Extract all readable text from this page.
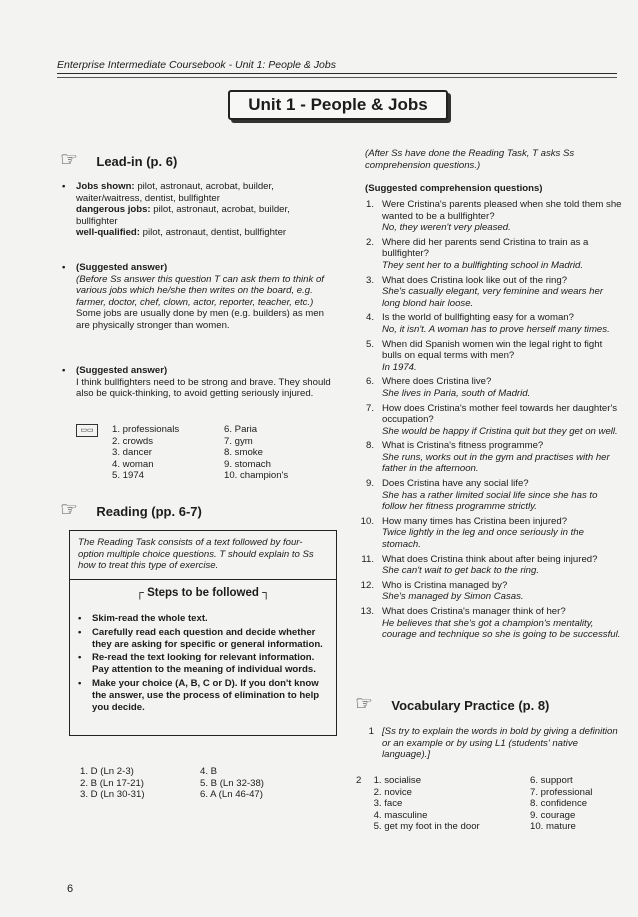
Enterprise Intermediate Coursebook - Unit 1: People & Jobs
Unit 1 - People & Jobs
☞ Lead-in (p. 6)
• Jobs shown: pilot, astronaut, acrobat, builder, waiter/waitress, dentist, bullfighter
dangerous jobs: pilot, astronaut, acrobat, builder, bullfighter
well-qualified: pilot, astronaut, dentist, bullfighter
• (Suggested answer)
(Before Ss answer this question T can ask them to think of various jobs which he/she then writes on the board, e.g. farmer, doctor, chef, clown, actor, reporter, teacher, etc.)
Some jobs are usually done by men (e.g. builders) as men are physically stronger than women.
• (Suggested answer)
I think bullfighters need to be strong and brave. They should also be quick-thinking, to avoid getting seriously injured.
▭▭	1. professionals
2. crowds
3. dancer
4. woman
5. 1974
6. Paria
7. gym
8. smoke
9. stomach
10. champion's
☞ Reading (pp. 6-7)
The Reading Task consists of a text followed by four-option multiple choice questions. T should explain to Ss how to treat this type of exercise.
┌ Steps to be followed ┐
• Skim-read the whole text.
• Carefully read each question and decide whether they are asking for specific or general information.
• Re-read the text looking for relevant information. Pay attention to the meaning of individual words.
• Make your choice (A, B, C or D). If you don't know the answer, use the process of elimination to help you decide.
1. D (Ln 2-3)
2. B (Ln 17-21)
3. D (Ln 30-31)
4. B
5. B (Ln 32-38)
6. A (Ln 46-47)
6
(After Ss have done the Reading Task, T asks Ss comprehension questions.)
(Suggested comprehension questions)
1. Were Cristina's parents pleased when she told them she wanted to be a bullfighter?
No, they weren't very pleased.
2. Where did her parents send Cristina to train as a bullfighter?
They sent her to a bullfighting school in Madrid.
3. What does Cristina look like out of the ring?
She's casually elegant, very feminine and wears her long blond hair loose.
4. Is the world of bullfighting easy for a woman?
No, it isn't. A woman has to prove herself many times.
5. When did Spanish women win the legal right to fight bulls on equal terms with men?
In 1974.
6. Where does Cristina live?
She lives in Paria, south of Madrid.
7. How does Cristina's mother feel towards her daughter's occupation?
She would be happy if Cristina quit but they get on well.
8. What is Cristina's fitness programme?
She runs, works out in the gym and practises with her father in the afternoon.
9. Does Cristina have any social life?
She has a rather limited social life since she has to follow her fitness programme strictly.
10. How many times has Cristina been injured?
Twice lightly in the leg and once seriously in the stomach.
11. What does Cristina think about after being injured?
She can't wait to get back to the ring.
12. Who is Cristina managed by?
She's managed by Simon Casas.
13. What does Cristina's manager think of her?
He believes that she's got a champion's mentality, courage and technique so she is going to be successful.
☞ Vocabulary Practice (p. 8)
1 [Ss try to explain the words in bold by giving a definition or an example or by using L1 (students' native language).]
2	1. socialise
2. novice
3. face
4. masculine
5. get my foot in the door
6. support
7. professional
8. confidence
9. courage
10. mature
